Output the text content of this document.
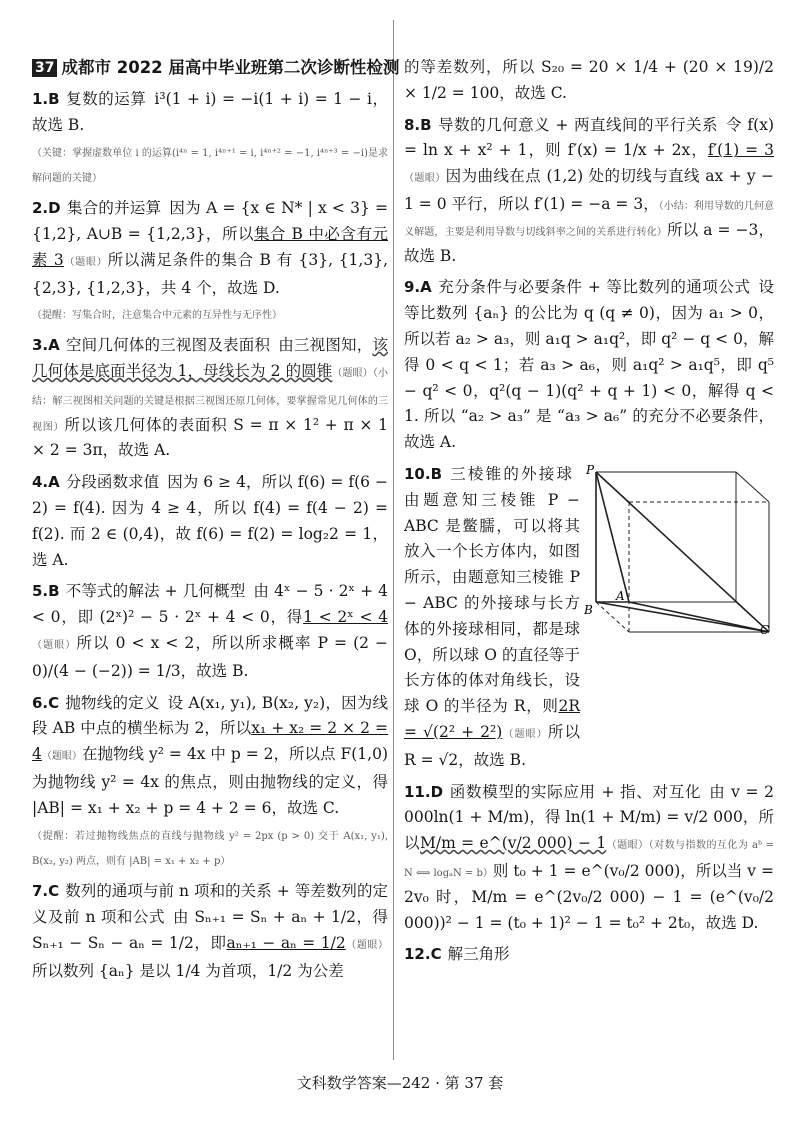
37 成都市 2022 届高中毕业班第二次诊断性检测
1.B 复数的运算 i³(1 + i) = −i(1 + i) = 1 − i，故选 B.
（关键：掌握虚数单位 i 的运算(i⁴ⁿ = 1, i⁴ⁿ⁺¹ = i, i⁴ⁿ⁺² = −1, i⁴ⁿ⁺³ = −i)是求解问题的关键）
2.D 集合的并运算 因为 A = {x ∈ N* | x < 3} = {1,2}, A∪B = {1,2,3}，所以集合 B 中必含有元素 3（题眼）所以满足条件的集合 B 有 {3}, {1,3}, {2,3}, {1,2,3}，共 4 个，故选 D.
（提醒：写集合时，注意集合中元素的互异性与无序性）
3.A 空间几何体的三视图及表面积 由三视图知，该几何体是底面半径为 1，母线长为 2 的圆锥（题眼）（小结：解三视图相关问题的关键是根据三视图还原几何体，要掌握常见几何体的三视图）所以该几何体的表面积 S = π × 1² + π × 1 × 2 = 3π，故选 A.
4.A 分段函数求值 因为 6 ≥ 4，所以 f(6) = f(6 − 2) = f(4). 因为 4 ≥ 4，所以 f(4) = f(4 − 2) = f(2). 而 2 ∈ (0,4)，故 f(6) = f(2) = log₂2 = 1，选 A.
5.B 不等式的解法 + 几何概型 由 4ˣ − 5 · 2ˣ + 4 < 0，即 (2ˣ)² − 5 · 2ˣ + 4 < 0，得1 < 2ˣ < 4（题眼）所以 0 < x < 2，所以所求概率 P = (2 − 0)/(4 − (−2)) = 1/3，故选 B.
6.C 抛物线的定义 设 A(x₁, y₁), B(x₂, y₂)，因为线段 AB 中点的横坐标为 2，所以x₁ + x₂ = 2 × 2 = 4（题眼）在抛物线 y² = 4x 中 p = 2，所以点 F(1,0) 为抛物线 y² = 4x 的焦点，则由抛物线的定义，得 |AB| = x₁ + x₂ + p = 4 + 2 = 6，故选 C.
（提醒：若过抛物线焦点的直线与抛物线 y² = 2px (p > 0) 交于 A(x₁, y₁), B(x₂, y₂) 两点，则有 |AB| = x₁ + x₂ + p）
7.C 数列的通项与前 n 项和的关系 + 等差数列的定义及前 n 项和公式 由 Sₙ₊₁ = Sₙ + aₙ + 1/2，得 Sₙ₊₁ − Sₙ − aₙ = 1/2，即aₙ₊₁ − aₙ = 1/2（题眼）所以数列 {aₙ} 是以 1/4 为首项，1/2 为公差
的等差数列，所以 S₂₀ = 20 × 1/4 + (20 × 19)/2 × 1/2 = 100，故选 C.
8.B 导数的几何意义 + 两直线间的平行关系 令 f(x) = ln x + x² + 1，则 f′(x) = 1/x + 2x，f′(1) = 3（题眼）因为曲线在点 (1,2) 处的切线与直线 ax + y − 1 = 0 平行，所以 f′(1) = −a = 3，（小结：利用导数的几何意义解题，主要是利用导数与切线斜率之间的关系进行转化）所以 a = −3，故选 B.
9.A 充分条件与必要条件 + 等比数列的通项公式 设等比数列 {aₙ} 的公比为 q (q ≠ 0)，因为 a₁ > 0，所以若 a₂ > a₃，则 a₁q > a₁q²，即 q² − q < 0，解得 0 < q < 1；若 a₃ > a₆，则 a₁q² > a₁q⁵，即 q⁵ − q² < 0，q²(q − 1)(q² + q + 1) < 0，解得 q < 1. 所以 “a₂ > a₃” 是 “a₃ > a₆” 的充分不必要条件，故选 A.
10.B 三棱锥的外接球由题意知三棱锥 P − ABC 是鳖臑，可以将其放入一个长方体内，如图所示，由题意知三棱锥 P − ABC 的外接球与长方体的外接球相同，都是球 O，所以球 O 的直径等于长方体的体对角线长，设球 O 的半径为 R，则2R = √(2² + 2²)（题眼）所以 R = √2，故选 B.
P
A
B
C
11.D 函数模型的实际应用 + 指、对互化 由 v = 2 000ln(1 + M/m)，得 ln(1 + M/m) = v/2 000，所以M/m = e^(v/2 000) − 1（题眼）（对数与指数的互化为 aᵇ = N ⟺ logₐN = b）则 t₀ + 1 = e^(v₀/2 000)，所以当 v = 2v₀ 时，M/m = e^(2v₀/2 000) − 1 = (e^(v₀/2 000))² − 1 = (t₀ + 1)² − 1 = t₀² + 2t₀，故选 D.
12.C 解三角形
文科数学答案—242 · 第 37 套
